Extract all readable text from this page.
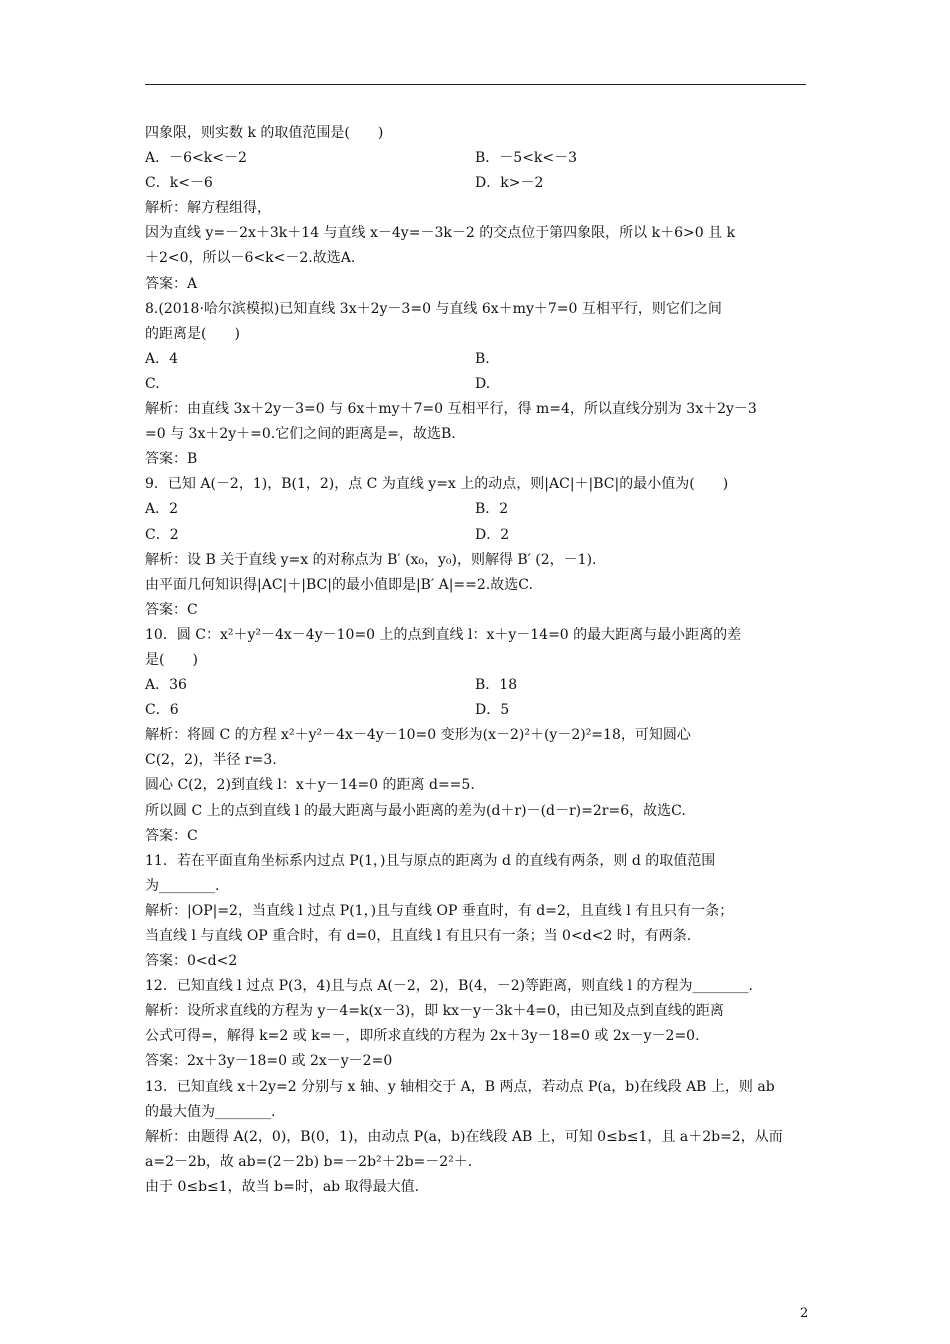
四象限，则实数 k 的取值范围是(　　)
A．－6<k<－2	B．－5<k<－3
C．k<－6	D．k>－2
解析：解方程组得，
因为直线 y=－2x＋3k＋14 与直线 x－4y=－3k－2 的交点位于第四象限，所以 k＋6>0 且 k
＋2<0，所以－6<k<－2.故选A.
答案：A
8.(2018·哈尔滨模拟)已知直线 3x＋2y－3=0 与直线 6x＋my＋7=0 互相平行，则它们之间
的距离是(　　)
A．4	B.
C.	D.
解析：由直线 3x＋2y－3=0 与 6x＋my＋7=0 互相平行，得 m=4，所以直线分别为 3x＋2y－3
=0 与 3x＋2y＋=0.它们之间的距离是=，故选B.
答案：B
9．已知 A(－2，1)，B(1，2)，点 C 为直线 y=x 上的动点，则|AC|＋|BC|的最小值为(　　)
A．2	B．2
C．2	D．2
解析：设 B 关于直线 y=x 的对称点为 B′ (x₀，y₀)，则解得 B′ (2，－1).
由平面几何知识得|AC|＋|BC|的最小值即是|B′ A|==2.故选C.
答案：C
10．圆 C：x²＋y²－4x－4y－10=0 上的点到直线 l：x＋y－14=0 的最大距离与最小距离的差
是(　　)
A．36	B．18
C．6	D．5
解析：将圆 C 的方程 x²＋y²－4x－4y－10=0 变形为(x－2)²＋(y－2)²=18，可知圆心
C(2，2)，半径 r=3.
圆心 C(2，2)到直线 l：x＋y－14=0 的距离 d==5.
所以圆 C 上的点到直线 l 的最大距离与最小距离的差为(d＋r)－(d－r)=2r=6，故选C.
答案：C
11．若在平面直角坐标系内过点 P(1，)且与原点的距离为 d 的直线有两条，则 d 的取值范围
为________.
解析：|OP|=2，当直线 l 过点 P(1，)且与直线 OP 垂直时，有 d=2，且直线 l 有且只有一条；
当直线 l 与直线 OP 重合时，有 d=0，且直线 l 有且只有一条；当 0<d<2 时，有两条.
答案：0<d<2
12．已知直线 l 过点 P(3，4)且与点 A(－2，2)，B(4，－2)等距离，则直线 l 的方程为________.
解析：设所求直线的方程为 y－4=k(x－3)，即 kx－y－3k＋4=0，由已知及点到直线的距离
公式可得=，解得 k=2 或 k=－，即所求直线的方程为 2x＋3y－18=0 或 2x－y－2=0.
答案：2x＋3y－18=0 或 2x－y－2=0
13．已知直线 x＋2y=2 分别与 x 轴、y 轴相交于 A，B 两点，若动点 P(a，b)在线段 AB 上，则 ab
的最大值为________.
解析：由题得 A(2，0)，B(0，1)，由动点 P(a，b)在线段 AB 上，可知 0≤b≤1，且 a＋2b=2，从而
a=2－2b，故 ab=(2－2b) b=－2b²＋2b=－2²＋.
由于 0≤b≤1，故当 b=时，ab 取得最大值.
2
